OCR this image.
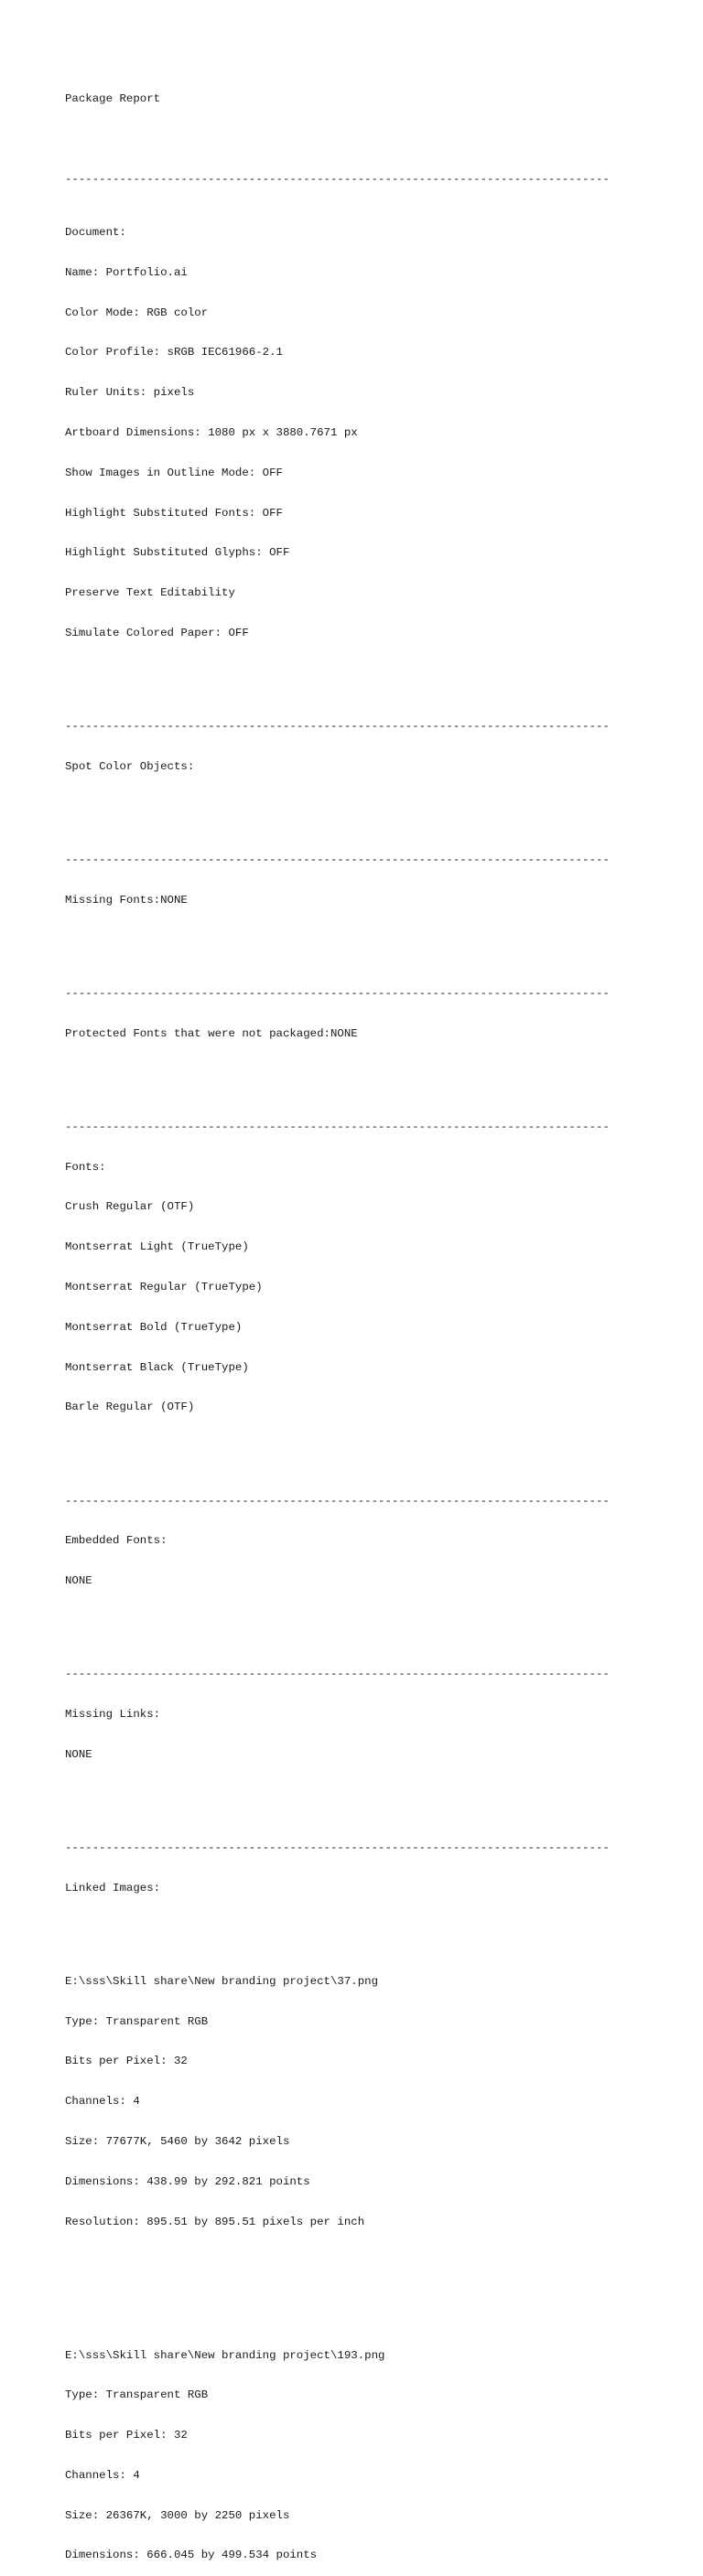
Package Report

--------------------------------------------------------------------------------

Document:

Name: Portfolio.ai

Color Mode: RGB color

Color Profile: sRGB IEC61966-2.1

Ruler Units: pixels

Artboard Dimensions: 1080 px x 3880.7671 px

Show Images in Outline Mode: OFF

Highlight Substituted Fonts: OFF

Highlight Substituted Glyphs: OFF

Preserve Text Editability

Simulate Colored Paper: OFF

--------------------------------------------------------------------------------

Spot Color Objects:

--------------------------------------------------------------------------------

Missing Fonts:NONE

--------------------------------------------------------------------------------

Protected Fonts that were not packaged:NONE

--------------------------------------------------------------------------------

Fonts:

Crush Regular (OTF)

Montserrat Light (TrueType)

Montserrat Regular (TrueType)

Montserrat Bold (TrueType)

Montserrat Black (TrueType)

Barle Regular (OTF)

--------------------------------------------------------------------------------

Embedded Fonts:

NONE

--------------------------------------------------------------------------------

Missing Links:

NONE

--------------------------------------------------------------------------------

Linked Images:

E:\sss\Skill share\New branding project\37.png

Type: Transparent RGB

Bits per Pixel: 32

Channels: 4

Size: 77677K, 5460 by 3642 pixels

Dimensions: 438.99 by 292.821 points

Resolution: 895.51 by 895.51 pixels per inch

E:\sss\Skill share\New branding project\193.png

Type: Transparent RGB

Bits per Pixel: 32

Channels: 4

Size: 26367K, 3000 by 2250 pixels

Dimensions: 666.045 by 499.534 points
